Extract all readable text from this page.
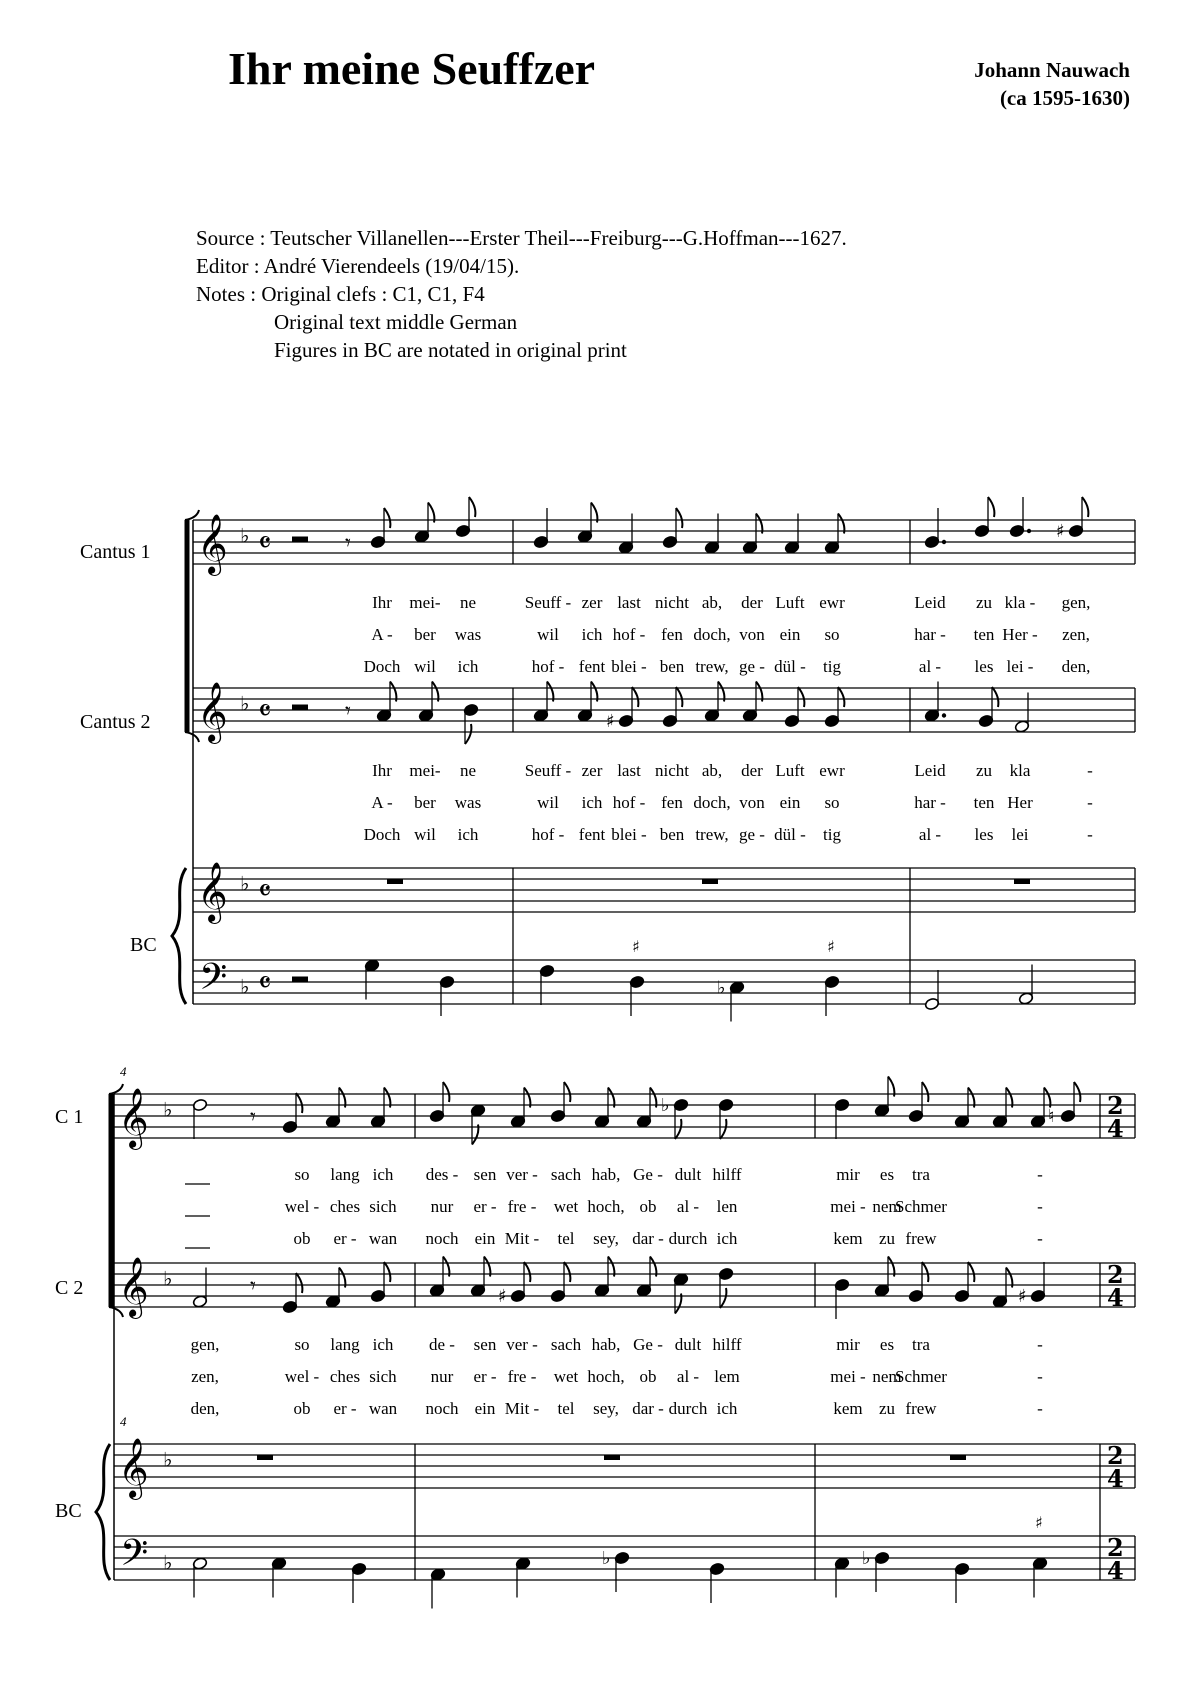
Ihr meine Seuffzer	Johann Nauwach
(ca 1595-1630)
Source : Teutscher Villanellen---Erster Theil---Freiburg---G.Hoffman---1627.
Editor : André Vierendeels (19/04/15).
Notes : Original clefs : C1, C1, F4
Original text middle German
Figures in BC are notated in original print
Cantus 1
Cantus 2
BC
C 1
C 2
BC
4
4
𝄞 ♭ 𝄴
𝄞 ♭ 𝄴
𝄞 ♭ 𝄴
𝄢 ♭ 𝄴
𝄾	♯
𝄾	♯
♭
♯	♯
Ihr mei- ne	Seuff - zer last nicht ab, der Luft ewr	Leid zu kla - gen,
A - ber was	wil ich hof - fen doch, von ein so	har - ten Her - zen,
Doch wil ich	hof - fent blei - ben trew, ge - dül - tig	al - les lei - den,
Ihr mei- ne	Seuff - zer last nicht ab, der Luft ewr	Leid zu kla	-
A - ber was	wil ich hof - fen doch, von ein so	har - ten Her	-
Doch wil ich	hof - fent blei - ben trew, ge - dül - tig	al - les lei	-
𝄞 ♭
𝄞 ♭
𝄞 ♭
𝄢 ♭
2
4
2
4
2
4
2
4
𝄾	♭
♮
𝄾	♯	♯
♭	♭
♯
so lang ich des - sen ver - sach hab, Ge - dult hilff	mir es tra	-
wel - ches sich nur er - fre - wet hoch, ob al - len	mei - nem
Schmer	-
ob er - wan noch ein Mit - tel sey, dar - durch ich	kem zu frew	-
gen,	so lang ich de - sen ver - sach hab, Ge - dult hilff	mir es tra	-
zen,	wel - ches sich nur er - fre - wet hoch, ob al - lem	mei - nem
Schmer	-
den,	ob er - wan noch ein Mit - tel sey, dar - durch ich	kem zu frew	-
